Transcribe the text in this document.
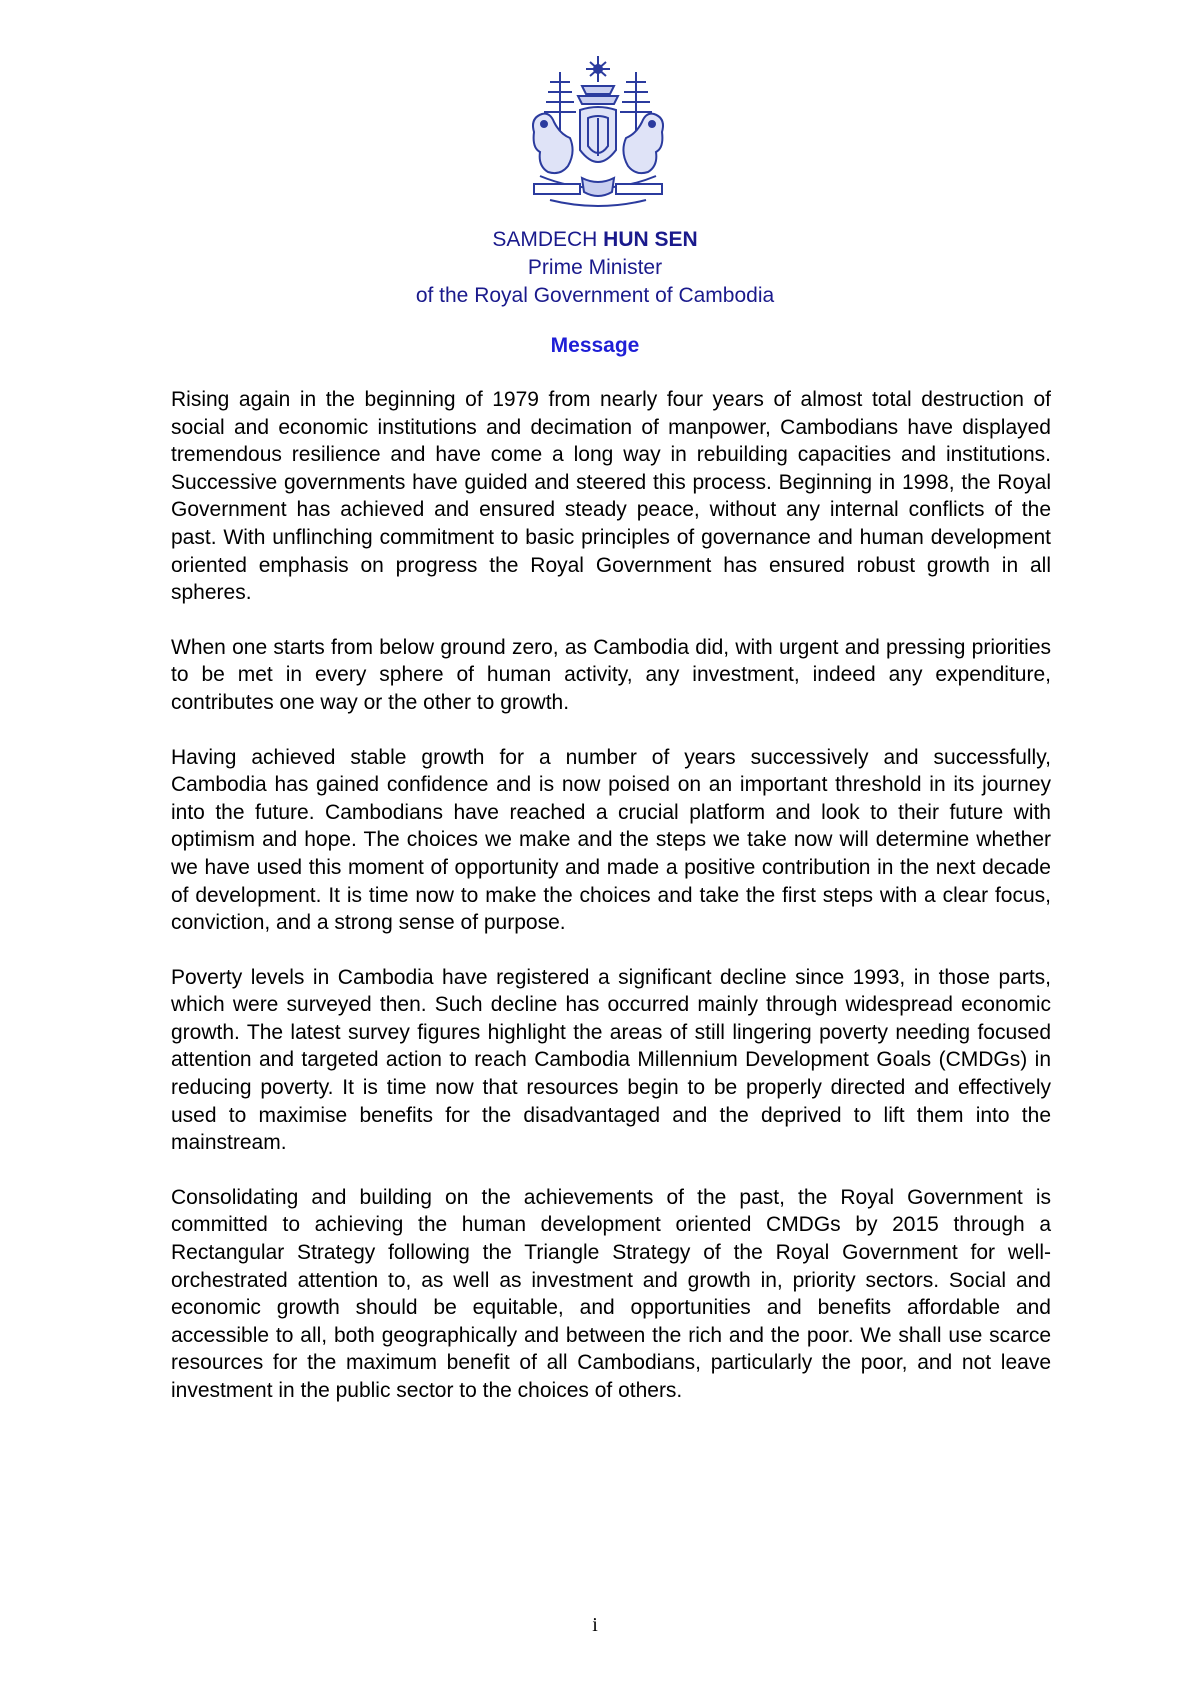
SAMDECH HUN SEN
Prime Minister
of the Royal Government of Cambodia
Message

Rising again in the beginning of 1979 from nearly four years of almost total destruction of social and economic institutions and decimation of manpower, Cambodians have displayed tremendous resilience and have come a long way in rebuilding capacities and institutions. Successive governments have guided and steered this process. Beginning in 1998, the Royal Government has achieved and ensured steady peace, without any internal conflicts of the past. With unflinching commitment to basic principles of governance and human development oriented emphasis on progress the Royal Government has ensured robust growth in all spheres.

When one starts from below ground zero, as Cambodia did, with urgent and pressing priorities to be met in every sphere of human activity, any investment, indeed any expenditure, contributes one way or the other to growth.

Having achieved stable growth for a number of years successively and successfully, Cambodia has gained confidence and is now poised on an important threshold in its journey into the future. Cambodians have reached a crucial platform and look to their future with optimism and hope. The choices we make and the steps we take now will determine whether we have used this moment of opportunity and made a positive contribution in the next decade of development. It is time now to make the choices and take the first steps with a clear focus, conviction, and a strong sense of purpose.

Poverty levels in Cambodia have registered a significant decline since 1993, in those parts, which were surveyed then. Such decline has occurred mainly through widespread economic growth. The latest survey figures highlight the areas of still lingering poverty needing focused attention and targeted action to reach Cambodia Millennium Development Goals (CMDGs) in reducing poverty. It is time now that resources begin to be properly directed and effectively used to maximise benefits for the disadvantaged and the deprived to lift them into the mainstream.

Consolidating and building on the achievements of the past, the Royal Government is committed to achieving the human development oriented CMDGs by 2015 through a Rectangular Strategy following the Triangle Strategy of the Royal Government for well-orchestrated attention to, as well as investment and growth in, priority sectors. Social and economic growth should be equitable, and opportunities and benefits affordable and accessible to all, both geographically and between the rich and the poor. We shall use scarce resources for the maximum benefit of all Cambodians, particularly the poor, and not leave investment in the public sector to the choices of others.

i
